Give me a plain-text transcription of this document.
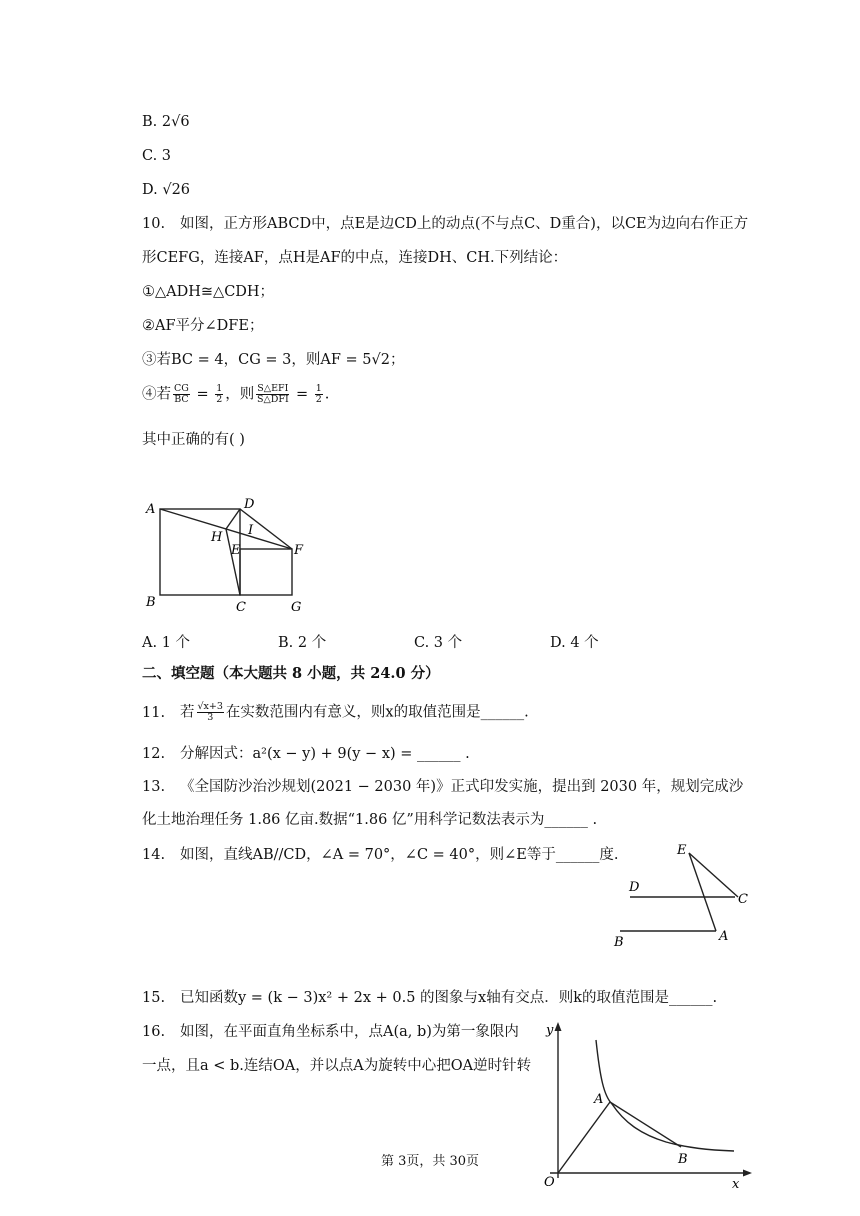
B. 2√6
C. 3
D. √26
10. 如图，正方形ABCD中，点E是边CD上的动点(不与点C、D重合)，以CE为边向右作正方
形CEFG，连接AF，点H是AF的中点，连接DH、CH.下列结论：
①△ADH≅△CDH；
②AF平分∠DFE；
③若BC = 4，CG = 3，则AF = 5√2；
④若 $\frac{CG}{BC} = \frac{1}{2}$ ，则 $\frac{\text{S△EFI}}{\text{S△DFI}} = \frac{1}{2}$ .
其中正确的有( )
A
B	C
D
E	F
G
H I
A. 1 个	B. 2 个	C. 3 个	D. 4 个
二、填空题（本大题共 8 小题，共 24.0 分）
11. 若 $\frac{√x+3}{3}$ 在实数范围内有意义，则x的取值范围是______.
12. 分解因式：a²(x − y) + 9(y − x) = ______ .
13. 《全国防沙治沙规划(2021 − 2030 年)》正式印发实施，提出到 2030 年，规划完成沙
化土地治理任务 1.86 亿亩.数据“1.86 亿”用科学记数法表示为______ .
14. 如图，直线AB//CD，∠A = 70°，∠C = 40°，则∠E等于______度.	E
D
C
B	A
15. 已知函数y = (k − 3)x² + 2x + 0.5 的图象与x轴有交点．则k的取值范围是______.
16. 如图，在平面直角坐标系中，点A(a, b)为第一象限内
一点，且a < b.连结OA，并以点A为旋转中心把OA逆时针转
y
x
O
A
B
第 3页，共 30页
